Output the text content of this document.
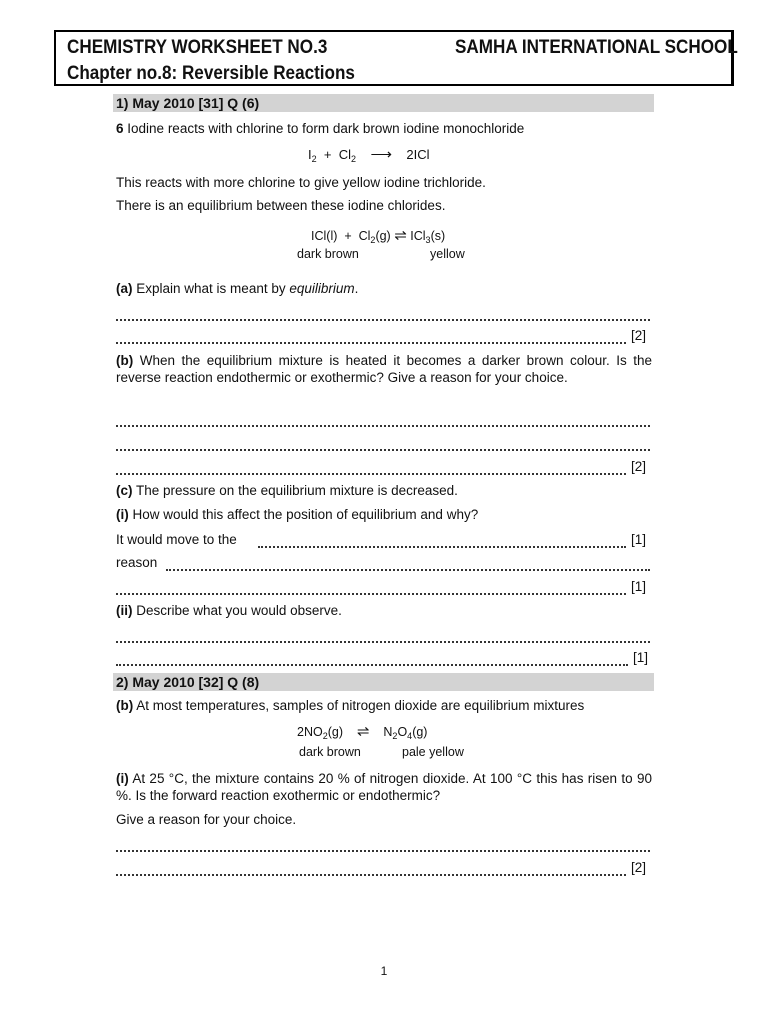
CHEMISTRY WORKSHEET NO.3	SAMHA INTERNATIONAL SCHOOL
Chapter no.8: Reversible Reactions
1) May 2010 [31] Q (6)
6 Iodine reacts with chlorine to form dark brown iodine monochloride
$I_2 + Cl_2$ ⟶ 2ICl
This reacts with more chlorine to give yellow iodine trichloride.
There is an equilibrium between these iodine chlorides.
$ICl(l) + Cl_2(g)$ ⇌ ICl$_3$(s)
dark brown	yellow
(a) Explain what is meant by equilibrium.
[2]
(b) When the equilibrium mixture is heated it becomes a darker brown colour. Is the reverse reaction endothermic or exothermic? Give a reason for your choice.
[2]
(c) The pressure on the equilibrium mixture is decreased.
(i) How would this affect the position of equilibrium and why?
It would move to the	[1]
reason
[1]
(ii) Describe what you would observe.
[1]
2) May 2010 [32] Q (8)
(b) At most temperatures, samples of nitrogen dioxide are equilibrium mixtures
$2NO_2(g)$ ⇌ $N_2O_4(g)$
dark brown	pale yellow
(i) At 25 °C, the mixture contains 20 % of nitrogen dioxide. At 100 °C this has risen to 90 %. Is the forward reaction exothermic or endothermic?
Give a reason for your choice.
[2]
1
